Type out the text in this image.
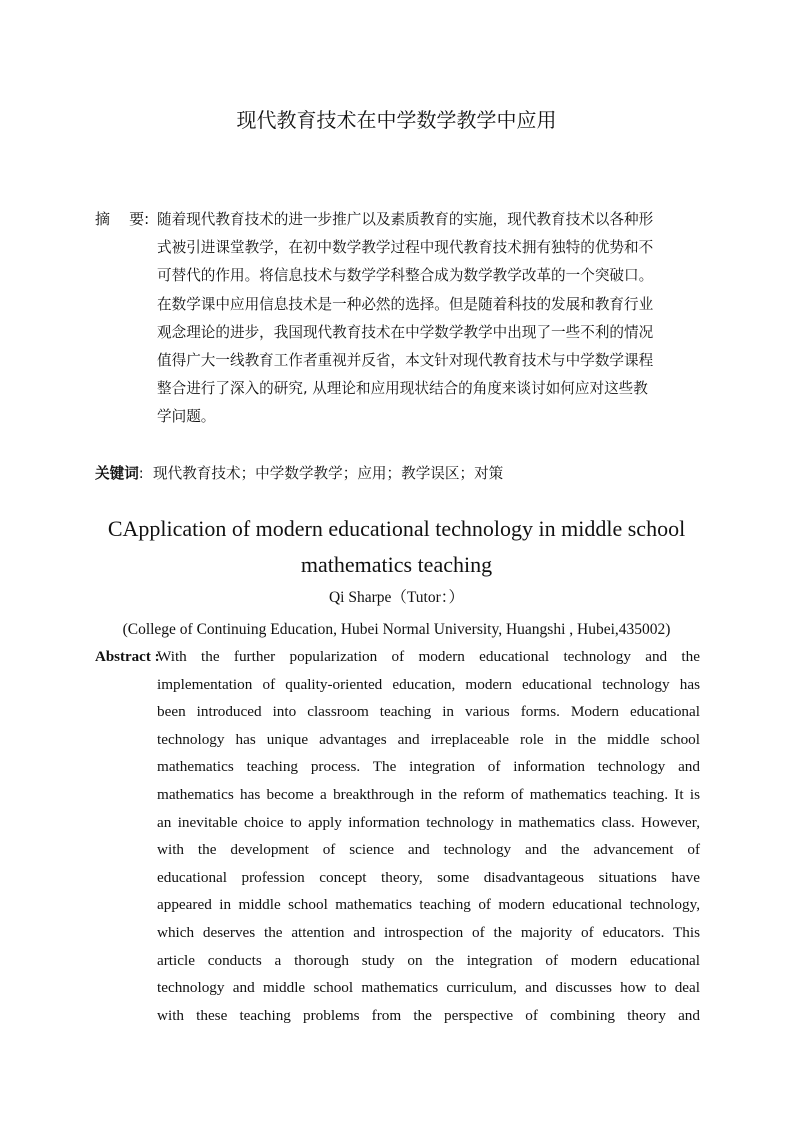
现代教育技术在中学数学教学中应用
摘    要: 随着现代教育技术的进一步推广以及素质教育的实施，现代教育技术以各种形
式被引进课堂教学，在初中数学教学过程中现代教育技术拥有独特的优势和不
可替代的作用。将信息技术与数学学科整合成为数学教学改革的一个突破口。
在数学课中应用信息技术是一种必然的选择。但是随着科技的发展和教育行业
观念理论的进步，我国现代教育技术在中学数学教学中出现了一些不利的情况
值得广大一线教育工作者重视并反省，本文针对现代教育技术与中学数学课程
整合进行了深入的研究, 从理论和应用现状结合的角度来谈讨如何应对这些教
学问题。
关键词: 现代教育技术；中学数学教学；应用；教学误区；对策
CApplication of modern educational technology in middle school
mathematics teaching
Qi Sharpe（Tutor：）
(College of Continuing Education, Hubei Normal University, Huangshi , Hubei,435002)
Abstract :
With the further popularization of modern educational technology and the
implementation of quality-oriented education, modern educational technology has
been introduced into classroom teaching in various forms. Modern educational
technology has unique advantages and irreplaceable role in the middle school
mathematics teaching process. The integration of information technology and
mathematics has become a breakthrough in the reform of mathematics teaching. It is
an inevitable choice to apply information technology in mathematics class. However,
with the development of science and technology and the advancement of
educational profession concept theory, some disadvantageous situations have
appeared in middle school mathematics teaching of modern educational technology,
which deserves the attention and introspection of the majority of educators. This
article conducts a thorough study on the integration of modern educational
technology and middle school mathematics curriculum, and discusses how to deal
with these teaching problems from the perspective of combining theory and
